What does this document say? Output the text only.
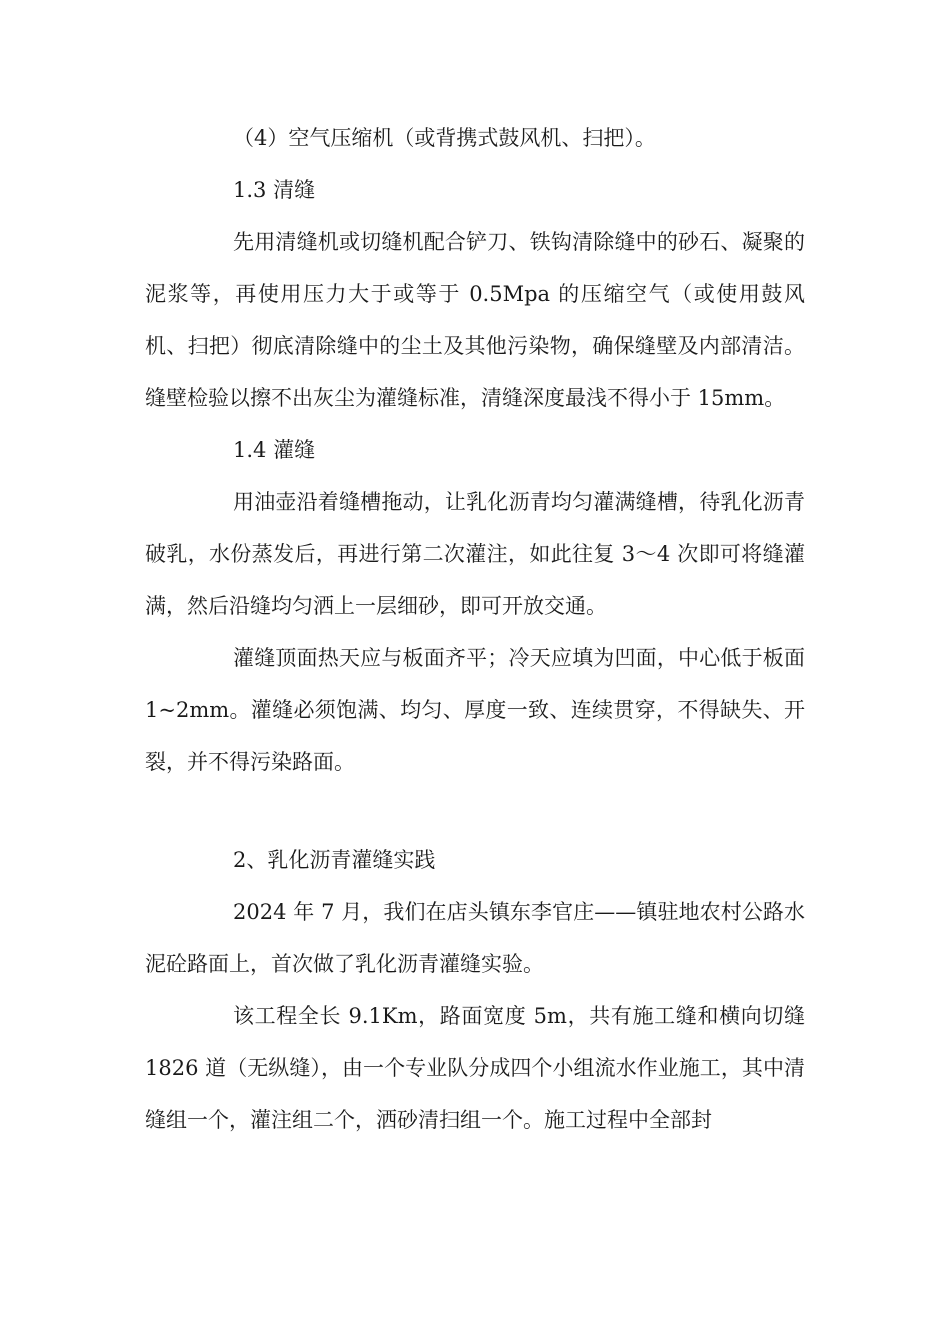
（4）空气压缩机（或背携式鼓风机、扫把）。

1.3 清缝

先用清缝机或切缝机配合铲刀、铁钩清除缝中的砂石、凝聚的泥浆等，再使用压力大于或等于 0.5Mpa 的压缩空气（或使用鼓风机、扫把）彻底清除缝中的尘土及其他污染物，确保缝壁及内部清洁。缝壁检验以擦不出灰尘为灌缝标准，清缝深度最浅不得小于 15mm。

1.4 灌缝

用油壶沿着缝槽拖动，让乳化沥青均匀灌满缝槽，待乳化沥青破乳，水份蒸发后，再进行第二次灌注，如此往复 3～4 次即可将缝灌满，然后沿缝均匀洒上一层细砂，即可开放交通。

灌缝顶面热天应与板面齐平；冷天应填为凹面，中心低于板面 1~2mm。灌缝必须饱满、均匀、厚度一致、连续贯穿，不得缺失、开裂，并不得污染路面。

2、乳化沥青灌缝实践

2024 年 7 月，我们在店头镇东李官庄——镇驻地农村公路水泥砼路面上，首次做了乳化沥青灌缝实验。

该工程全长 9.1Km，路面宽度 5m，共有施工缝和横向切缝 1826 道（无纵缝），由一个专业队分成四个小组流水作业施工，其中清缝组一个，灌注组二个，洒砂清扫组一个。施工过程中全部封
